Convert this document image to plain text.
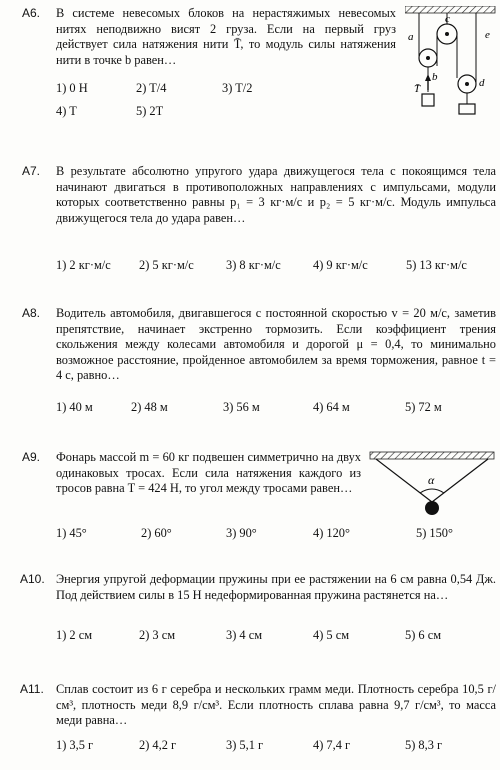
A6. В системе невесомых блоков на нерастяжимых невесомых нитях неподвижно висят 2 груза. Если на первый груз действует сила натяжения нити T̄, то модуль силы натяжения нити в точке b равен…
1) 0 Н	2) T/4	3) T/2
4) T	5) 2T
a
b
c
d
e
T̄
A7. В результате абсолютно упругого удара движущегося тела с покоящимся тела начинают двигаться в противоположных направлениях с импульсами, модули которых соответственно равны p₁ = 3 кг·м/с и p₂ = 5 кг·м/с. Модуль импульса движущегося тела до удара равен…
1) 2 кг·м/с	2) 5 кг·м/с	3) 8 кг·м/с	4) 9 кг·м/с	5) 13 кг·м/с
A8. Водитель автомобиля, двигавшегося с постоянной скоростью v = 20 м/с, заметив препятствие, начинает экстренно тормозить. Если коэффициент трения скольжения между колесами автомобиля и дорогой μ = 0,4, то минимально возможное расстояние, пройденное автомобилем за время торможения, равное t = 4 с, равно…
1) 40 м	2) 48 м	3) 56 м	4) 64 м	5) 72 м
A9. Фонарь массой m = 60 кг подвешен симметрично на двух одинаковых тросах. Если сила натяжения каждого из тросов равна T = 424 Н, то угол между тросами равен…
1) 45°	2) 60°	3) 90°	4) 120°	5) 150°
α
A10. Энергия упругой деформации пружины при ее растяжении на 6 см равна 0,54 Дж. Под действием силы в 15 Н недеформированная пружина растянется на…
1) 2 см	2) 3 см	3) 4 см	4) 5 см	5) 6 см
A11. Сплав состоит из 6 г серебра и нескольких грамм меди. Плотность серебра 10,5 г/см³, плотность меди 8,9 г/см³. Если плотность сплава равна 9,7 г/см³, то масса меди равна…
1) 3,5 г	2) 4,2 г	3) 5,1 г	4) 7,4 г	5) 8,3 г
